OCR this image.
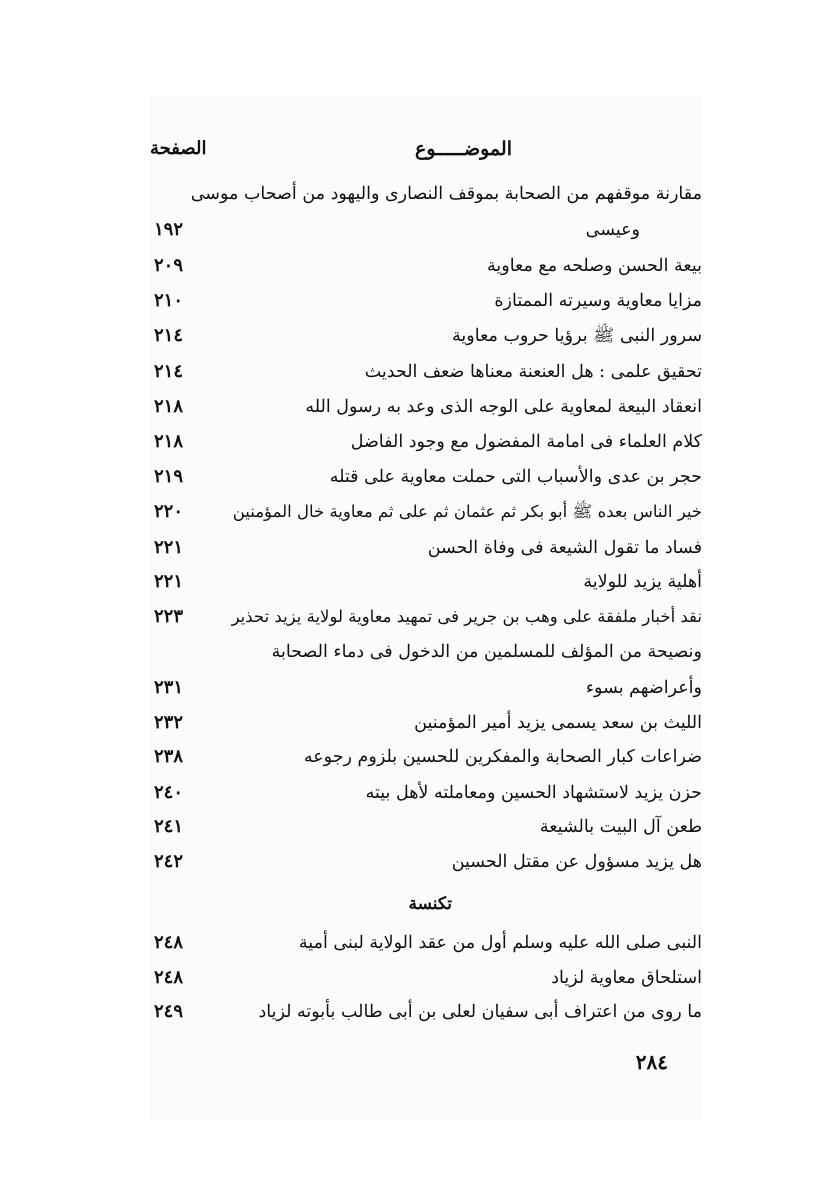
الموضـــــوع
الصفحة
مقارنة موقفهم من الصحابة بموقف النصارى واليهود من أصحاب موسى
وعيسى
١٩٢
بيعة الحسن وصلحه مع معاوية
٢٠٩
مزايا معاوية وسيرته الممتازة
٢١٠
سرور النبى ﷺ برؤيا حروب معاوية
٢١٤
تحقيق علمى : هل العنعنة معناها ضعف الحديث
٢١٤
انعقاد البيعة لمعاوية على الوجه الذى وعد به رسول الله
٢١٨
كلام العلماء فى امامة المفضول مع وجود الفاضل
٢١٨
حجر بن عدى والأسباب التى حملت معاوية على قتله
٢١٩
خير الناس بعده ﷺ أبو بكر ثم عثمان ثم على ثم معاوية خال المؤمنين
٢٢٠
فساد ما تقول الشيعة فى وفاة الحسن
٢٢١
أهلية يزيد للولاية
٢٢١
نقد أخبار ملفقة على وهب بن جرير فى تمهيد معاوية لولاية يزيد تحذير
٢٢٣
ونصيحة من المؤلف للمسلمين من الدخول فى دماء الصحابة
وأعراضهم بسوء
٢٣١
الليث بن سعد يسمى يزيد أمير المؤمنين
٢٣٢
ضراعات كبار الصحابة والمفكرين للحسين بلزوم رجوعه
٢٣٨
حزن يزيد لاستشهاد الحسين ومعاملته لأهل بيته
٢٤٠
طعن آل البيت بالشيعة
٢٤١
هل يزيد مسؤول عن مقتل الحسين
٢٤٢
تكنسة
النبى صلى الله عليه وسلم أول من عقد الولاية لبنى أمية
٢٤٨
استلحاق معاوية لزياد
٢٤٨
ما روى من اعتراف أبى سفيان لعلى بن أبى طالب بأبوته لزياد
٢٤٩
٢٨٤
